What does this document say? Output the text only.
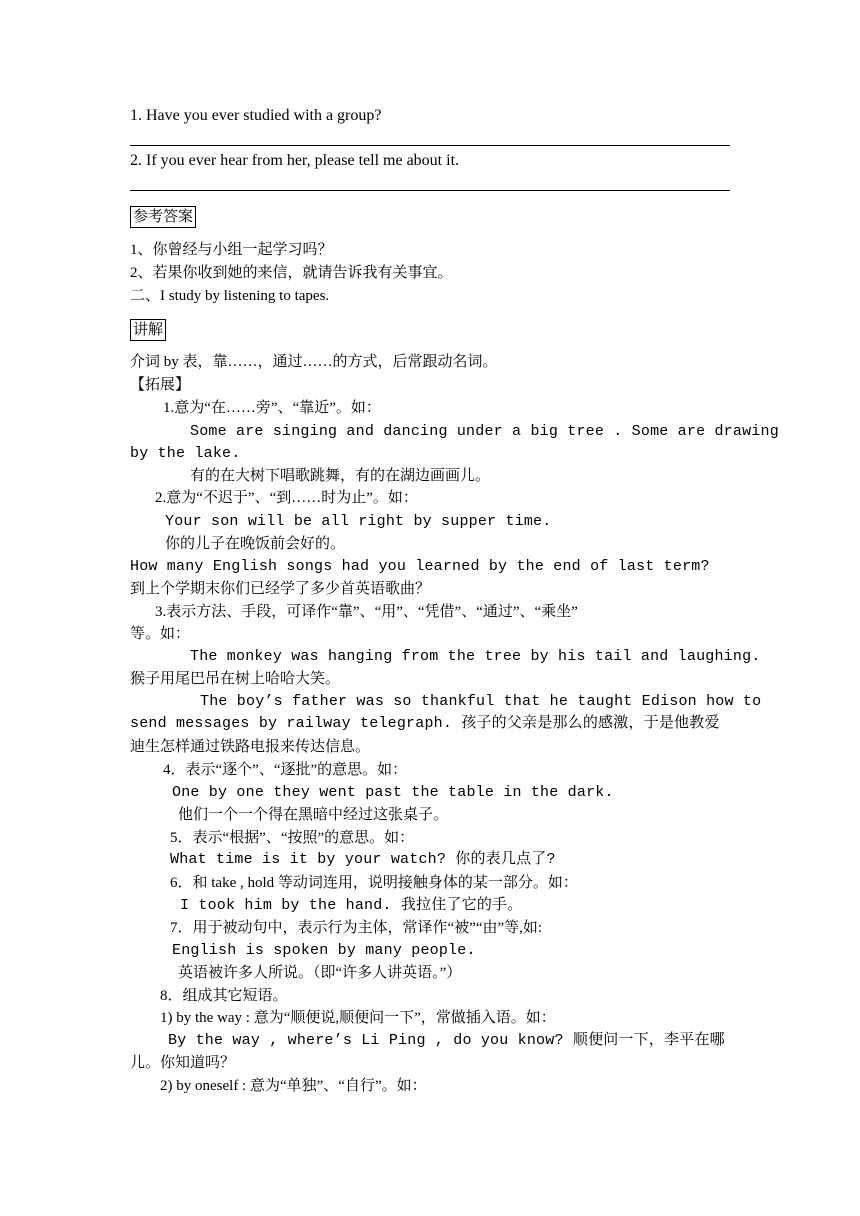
1. Have you ever studied with a group?
2. If you ever hear from her, please tell me about it.
参考答案
1、你曾经与小组一起学习吗？
2、若果你收到她的来信，就请告诉我有关事宜。
二、I study by listening to tapes.
讲解
介词 by 表，靠……，通过……的方式，后常跟动名词。
【拓展】
1.意为“在……旁”、“靠近”。如：
Some are singing and dancing under a big tree . Some are drawing
by the lake.
有的在大树下唱歌跳舞，有的在湖边画画儿。
2.意为“不迟于”、“到……时为止”。如：
Your son will be all right by supper time.
你的儿子在晚饭前会好的。
How many English songs had you learned by the end of last term?
到上个学期末你们已经学了多少首英语歌曲？
3.表示方法、手段，可译作“靠”、“用”、“凭借”、“通过”、“乘坐”
等。如：
The monkey was hanging from the tree by his tail and laughing.
猴子用尾巴吊在树上哈哈大笑。
The boy’s father was so thankful that he taught Edison how to
send messages by railway telegraph. 孩子的父亲是那么的感激，于是他教爱
迪生怎样通过铁路电报来传达信息。
4．表示“逐个”、“逐批”的意思。如：
One by one they went past the table in the dark.
他们一个一个得在黑暗中经过这张桌子。
5．表示“根据”、“按照”的意思。如：
What time is it by your watch? 你的表几点了?
6．和 take , hold 等动词连用，说明接触身体的某一部分。如：
I took him by the hand. 我拉住了它的手。
7．用于被动句中，表示行为主体，常译作“被”“由”等,如:
English is spoken by many people.
英语被许多人所说。（即“许多人讲英语。”）
8．组成其它短语。
1) by the way : 意为“顺便说,顺便问一下”，常做插入语。如：
By the way , where’s Li Ping , do you know? 顺便问一下，李平在哪
儿。你知道吗？
2) by oneself : 意为“单独”、“自行”。如：
